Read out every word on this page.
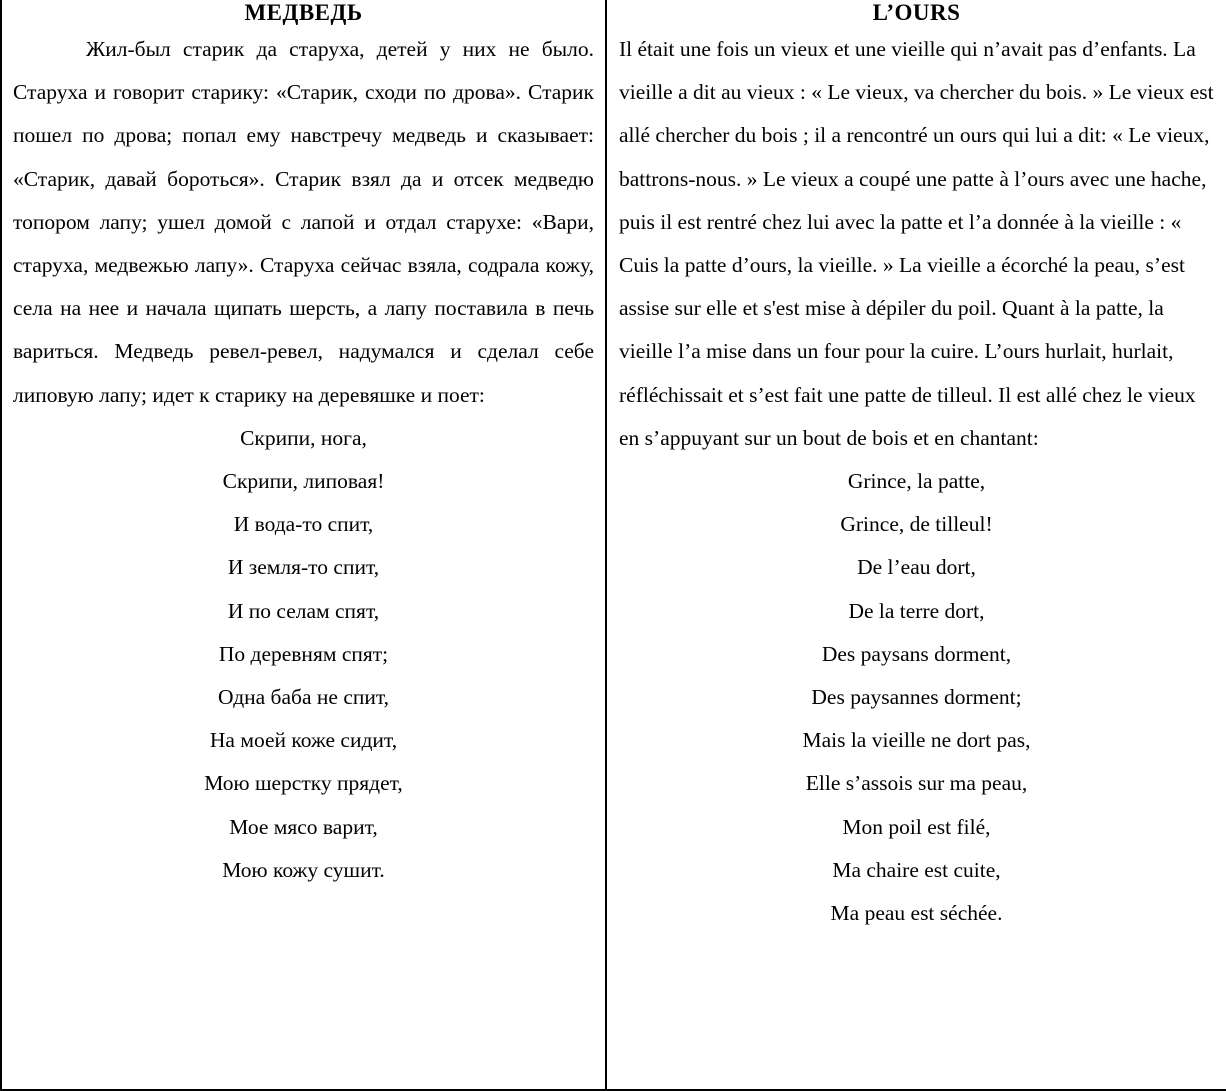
МЕДВЕДЬ

Жил-был старик да старуха, детей у них не было. Старуха и говорит старику: «Старик, сходи по дрова». Старик пошел по дрова; попал ему навстречу медведь и сказывает: «Старик, давай бороться». Старик взял да и отсек медведю топором лапу; ушел домой с лапой и отдал старухе: «Вари, старуха, медвежью лапу». Старуха сейчас взяла, содрала кожу, села на нее и начала щипать шерсть, а лапу поставила в печь вариться. Медведь ревел-ревел, надумался и сделал себе липовую лапу; идет к старику на деревяшке и поет:

Скрипи, нога,
Скрипи, липовая!
И вода-то спит,
И земля-то спит,
И по селам спят,
По деревням спят;
Одна баба не спит,
На моей коже сидит,
Мою шерстку прядет,
Мое мясо варит,
Мою кожу сушит.
L’OURS

Il était une fois un vieux et une vieille qui n’avait pas d’enfants. La vieille a dit au vieux : « Le vieux, va chercher du bois. » Le vieux est allé chercher du bois ; il a rencontré un ours qui lui a dit: « Le vieux, battrons-nous. » Le vieux a coupé une patte à l’ours avec une hache, puis il est rentré chez lui avec la patte et l’a donnée à la vieille : « Cuis la patte d’ours, la vieille. » La vieille a écorché la peau, s’est assise sur elle et s'est mise à dépiler du poil. Quant à la patte, la vieille l’a mise dans un four pour la cuire. L’ours hurlait, hurlait, réfléchissait et s’est fait une patte de tilleul. Il est allé chez le vieux en s’appuyant sur un bout de bois et en chantant:

Grince, la patte,
Grince, de tilleul!
De l’eau dort,
De la terre dort,
Des paysans dorment,
Des paysannes dorment;
Mais la vieille ne dort pas,
Elle s’assois sur ma peau,
Mon poil est filé,
Ma chaire est cuite,
Ma peau est séchée.
